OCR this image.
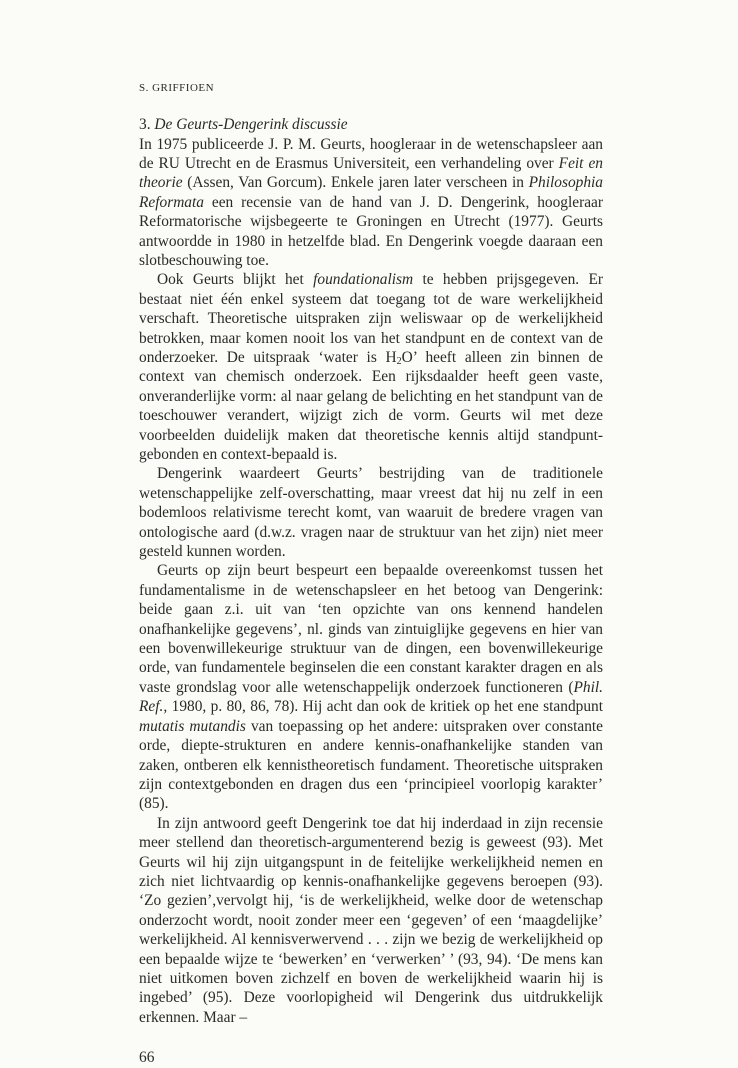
S. GRIFFIOEN
3. De Geurts-Dengerink discussie

In 1975 publiceerde J. P. M. Geurts, hoogleraar in de wetenschapsleer aan de RU Utrecht en de Erasmus Universiteit, een verhandeling over Feit en theorie (Assen, Van Gorcum). Enkele jaren later verscheen in Philosophia Reformata een recensie van de hand van J. D. Dengerink, hoogleraar Reformatorische wijsbegeerte te Groningen en Utrecht (1977). Geurts antwoordde in 1980 in hetzelfde blad. En Dengerink voegde daaraan een slotbeschouwing toe.

Ook Geurts blijkt het foundationalism te hebben prijsgegeven. Er bestaat niet één enkel systeem dat toegang tot de ware werkelijkheid verschaft. Theoretische uitspraken zijn weliswaar op de werkelijkheid betrokken, maar komen nooit los van het standpunt en de context van de onderzoeker. De uitspraak ‘water is $H_2O$’ heeft alleen zin binnen de context van chemisch onderzoek. Een rijksdaalder heeft geen vaste, onveranderlijke vorm: al naar gelang de belichting en het standpunt van de toeschouwer verandert, wijzigt zich de vorm. Geurts wil met deze voorbeelden duidelijk maken dat theoretische kennis altijd standpunt-gebonden en context-bepaald is.

Dengerink waardeert Geurts’ bestrijding van de traditionele wetenschappelijke zelf-overschatting, maar vreest dat hij nu zelf in een bodemloos relativisme terecht komt, van waaruit de bredere vragen van ontologische aard (d.w.z. vragen naar de struktuur van het zijn) niet meer gesteld kunnen worden.

Geurts op zijn beurt bespeurt een bepaalde overeenkomst tussen het fundamentalisme in de wetenschapsleer en het betoog van Dengerink: beide gaan z.i. uit van ‘ten opzichte van ons kennend handelen onafhankelijke gegevens’, nl. ginds van zintuiglijke gegevens en hier van een bovenwillekeurige struktuur van de dingen, een bovenwillekeurige orde, van fundamentele beginselen die een constant karakter dragen en als vaste grondslag voor alle wetenschappelijk onderzoek functioneren (Phil. Ref., 1980, p. 80, 86, 78). Hij acht dan ook de kritiek op het ene standpunt mutatis mutandis van toepassing op het andere: uitspraken over constante orde, diepte-strukturen en andere kennis-onafhankelijke standen van zaken, ontberen elk kennistheoretisch fundament. Theoretische uitspraken zijn contextgebonden en dragen dus een ‘principieel voorlopig karakter’ (85).

In zijn antwoord geeft Dengerink toe dat hij inderdaad in zijn recensie meer stellend dan theoretisch-argumenterend bezig is geweest (93). Met Geurts wil hij zijn uitgangspunt in de feitelijke werkelijkheid nemen en zich niet lichtvaardig op kennis-onafhankelijke gegevens beroepen (93). ‘Zo gezien’,vervolgt hij, ‘is de werkelijkheid, welke door de wetenschap onderzocht wordt, nooit zonder meer een ‘gegeven’ of een ‘maagdelijke’ werkelijkheid. Al kennisverwervend . . . zijn we bezig de werkelijkheid op een bepaalde wijze te ‘bewerken’ en ‘verwerken’ ’ (93, 94). ‘De mens kan niet uitkomen boven zichzelf en boven de werkelijkheid waarin hij is ingebed’ (95). Deze voorlopigheid wil Dengerink dus uitdrukkelijk erkennen. Maar –

66
